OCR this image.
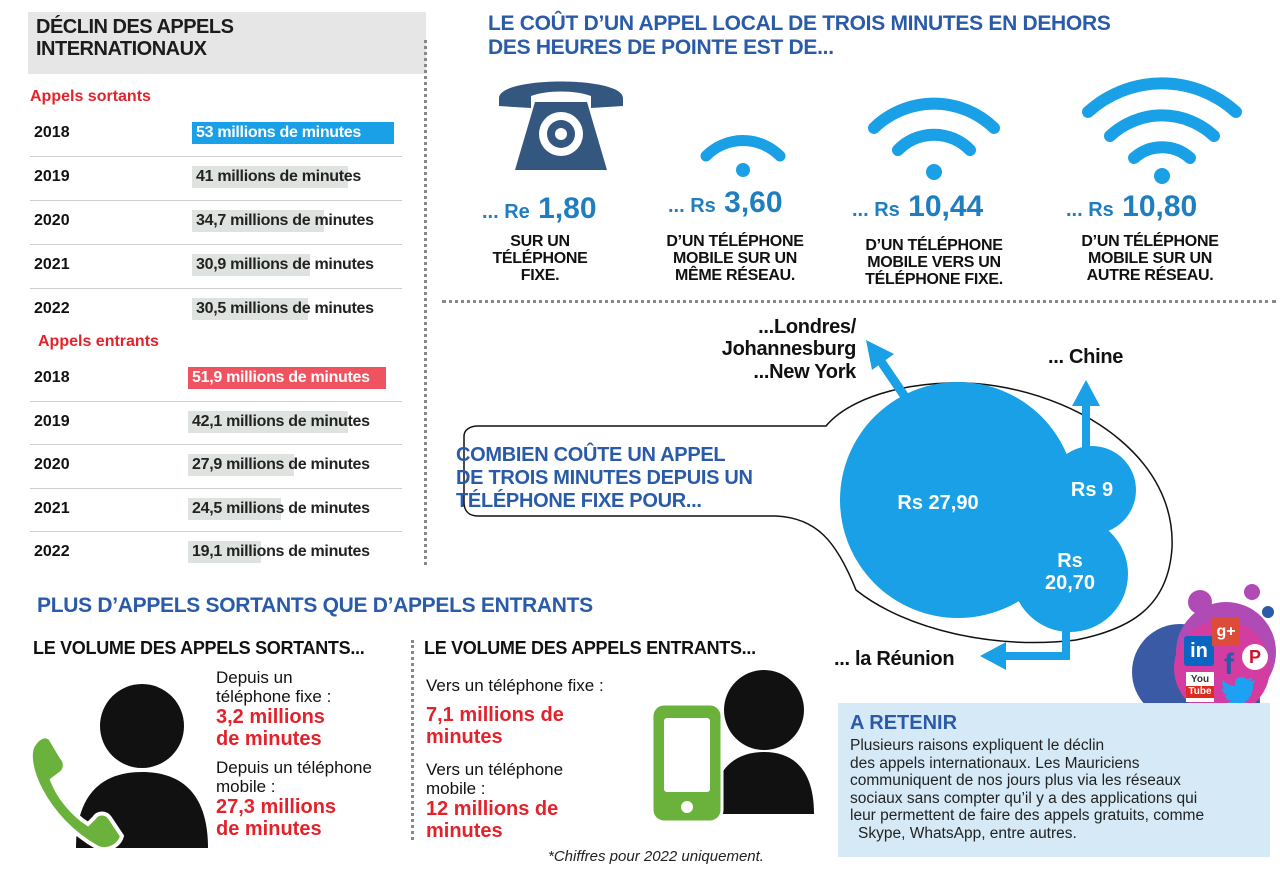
DÉCLIN DES APPELS
INTERNATIONAUX
Appels sortants
Appels entrants
2018	53 millions de minutes
2019	41 millions de minutes
2020	34,7 millions de minutes
2021	30,9 millions de minutes
2022	30,5 millions de minutes
2018	51,9 millions de minutes
2019	42,1 millions de minutes
2020	27,9 millions de minutes
2021	24,5 millions de minutes
2022	19,1 millions de minutes
LE COÛT D’UN APPEL LOCAL DE TROIS MINUTES EN DEHORS
DES HEURES DE POINTE EST DE...
... Re 1,80	... Rs 3,60	... Rs 10,44	... Rs 10,80
SUR UN
TÉLÉPHONE
FIXE.
D’UN TÉLÉPHONE
MOBILE SUR UN
MÊME RÉSEAU.
D’UN TÉLÉPHONE
MOBILE VERS UN
TÉLÉPHONE FIXE.
D’UN TÉLÉPHONE
MOBILE SUR UN
AUTRE RÉSEAU.
...Londres/
Johannesburg
...New York
... Chine
... la Réunion
COMBIEN COÛTE UN APPEL
DE TROIS MINUTES DEPUIS UN
TÉLÉPHONE FIXE POUR...	Rs 27,90
Rs 9
Rs
20,70
PLUS D’APPELS SORTANTS QUE D’APPELS ENTRANTS
LE VOLUME DES APPELS SORTANTS...	LE VOLUME DES APPELS ENTRANTS...
Depuis un
téléphone fixe :
3,2 millions
de minutes
Depuis un téléphone
mobile :
27,3 millions
de minutes
Vers un téléphone fixe :
7,1 millions de
minutes
Vers un téléphone
mobile :
12 millions de
minutes
*Chiffres pour 2022 uniquement.
in
g+
f P
You
Tube
A RETENIR
Plusieurs raisons expliquent le déclin
des appels internationaux. Les Mauriciens
communiquent de nos jours plus via les réseaux
sociaux sans compter qu’il y a des applications qui
leur permettent de faire des appels gratuits, comme
Skype, WhatsApp, entre autres.
